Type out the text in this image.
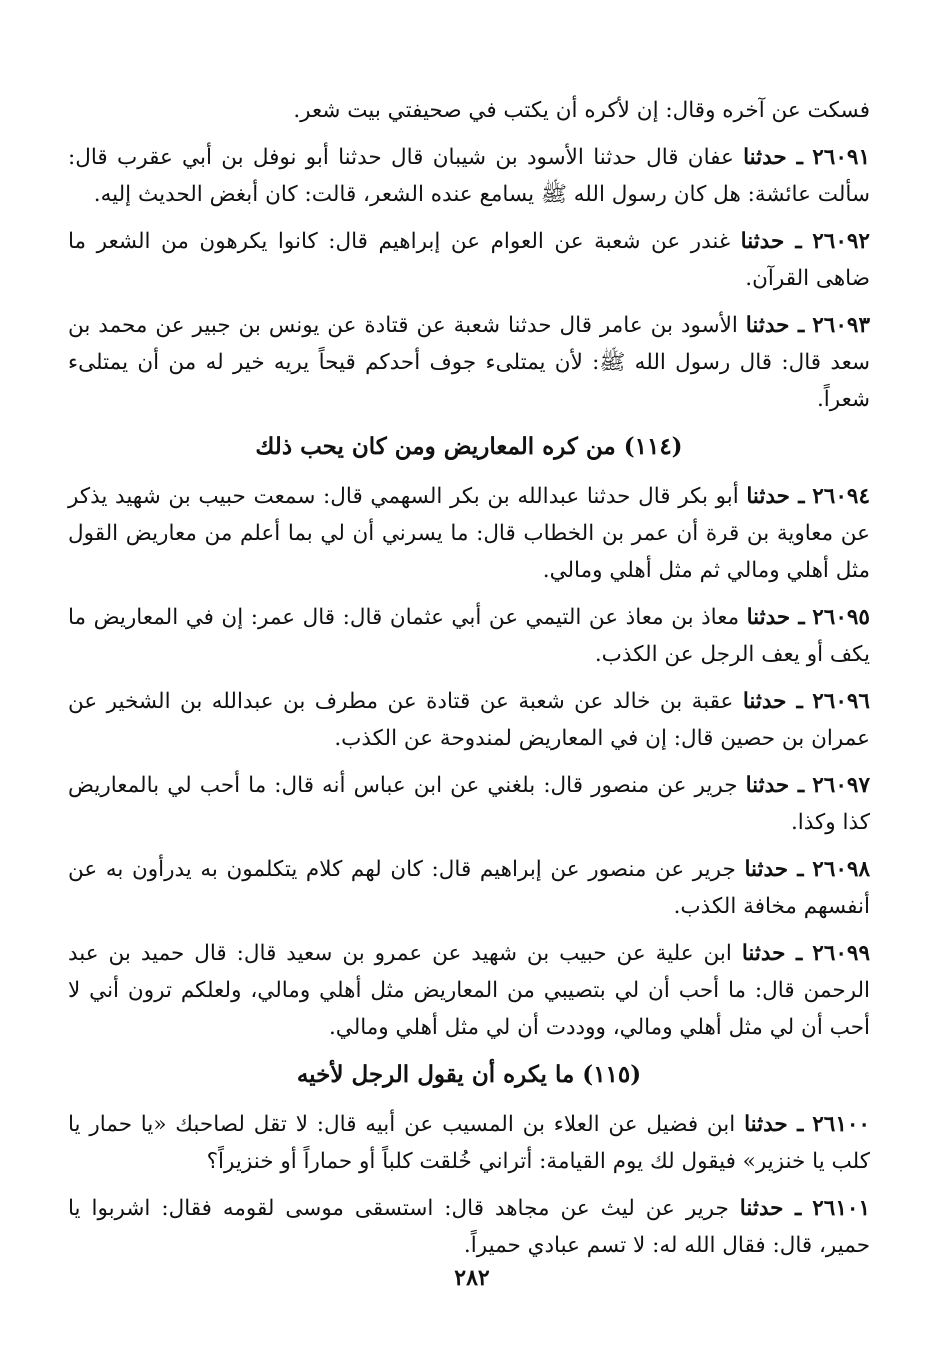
فسكت عن آخره وقال: إن لأكره أن يكتب في صحيفتي بيت شعر.

٢٦٠٩١ ـ حدثنا عفان قال حدثنا الأسود بن شيبان قال حدثنا أبو نوفل بن أبي عقرب قال: سألت عائشة: هل كان رسول الله ﷺ يسامع عنده الشعر، قالت: كان أبغض الحديث إليه.

٢٦٠٩٢ ـ حدثنا غندر عن شعبة عن العوام عن إبراهيم قال: كانوا يكرهون من الشعر ما ضاهى القرآن.

٢٦٠٩٣ ـ حدثنا الأسود بن عامر قال حدثنا شعبة عن قتادة عن يونس بن جبير عن محمد بن سعد قال: قال رسول الله ﷺ: لأن يمتلىء جوف أحدكم قيحاً يريه خير له من أن يمتلىء شعراً.

(١١٤) من كره المعاريض ومن كان يحب ذلك

٢٦٠٩٤ ـ حدثنا أبو بكر قال حدثنا عبدالله بن بكر السهمي قال: سمعت حبيب بن شهيد يذكر عن معاوية بن قرة أن عمر بن الخطاب قال: ما يسرني أن لي بما أعلم من معاريض القول مثل أهلي ومالي ثم مثل أهلي ومالي.

٢٦٠٩٥ ـ حدثنا معاذ بن معاذ عن التيمي عن أبي عثمان قال: قال عمر: إن في المعاريض ما يكف أو يعف الرجل عن الكذب.

٢٦٠٩٦ ـ حدثنا عقبة بن خالد عن شعبة عن قتادة عن مطرف بن عبدالله بن الشخير عن عمران بن حصين قال: إن في المعاريض لمندوحة عن الكذب.

٢٦٠٩٧ ـ حدثنا جرير عن منصور قال: بلغني عن ابن عباس أنه قال: ما أحب لي بالمعاريض كذا وكذا.

٢٦٠٩٨ ـ حدثنا جرير عن منصور عن إبراهيم قال: كان لهم كلام يتكلمون به يدرأون به عن أنفسهم مخافة الكذب.

٢٦٠٩٩ ـ حدثنا ابن علية عن حبيب بن شهيد عن عمرو بن سعيد قال: قال حميد بن عبد الرحمن قال: ما أحب أن لي بتصيبي من المعاريض مثل أهلي ومالي، ولعلكم ترون أني لا أحب أن لي مثل أهلي ومالي، ووددت أن لي مثل أهلي ومالي.

(١١٥) ما يكره أن يقول الرجل لأخيه

٢٦١٠٠ ـ حدثنا ابن فضيل عن العلاء بن المسيب عن أبيه قال: لا تقل لصاحبك «يا حمار يا كلب يا خنزير» فيقول لك يوم القيامة: أتراني خُلقت كلباً أو حماراً أو خنزيراً؟

٢٦١٠١ ـ حدثنا جرير عن ليث عن مجاهد قال: استسقى موسى لقومه فقال: اشربوا يا حمير، قال: فقال الله له: لا تسم عبادي حميراً.

٢٨٢
